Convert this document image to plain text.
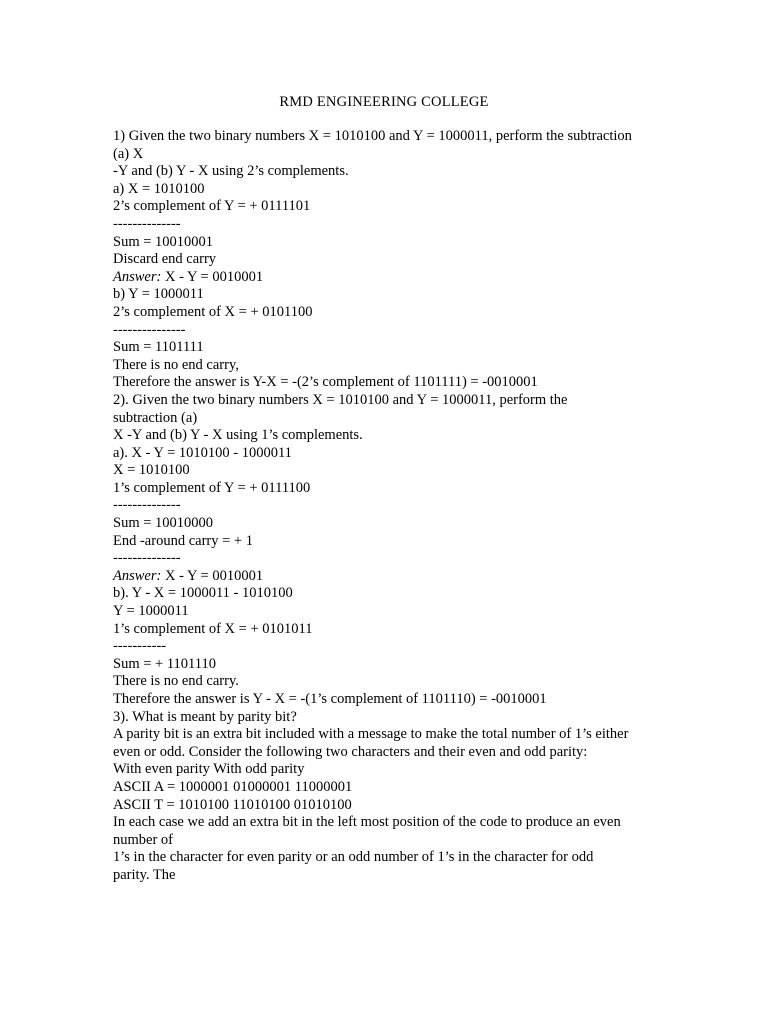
RMD ENGINEERING COLLEGE
1) Given the two binary numbers X = 1010100 and Y = 1000011, perform the subtraction
(a) X
-Y and (b) Y - X using 2’s complements.
a) X = 1010100
2’s complement of Y = + 0111101
--------------
Sum = 10010001
Discard end carry
Answer: X - Y = 0010001
b) Y = 1000011
2’s complement of X = + 0101100
---------------
Sum = 1101111
There is no end carry,
Therefore the answer is Y-X = -(2’s complement of 1101111) = -0010001
2). Given the two binary numbers X = 1010100 and Y = 1000011, perform the
subtraction (a)
X -Y and (b) Y - X using 1’s complements.
a). X - Y = 1010100 - 1000011
X = 1010100
1’s complement of Y = + 0111100
--------------
Sum = 10010000
End -around carry = + 1
--------------
Answer: X - Y = 0010001
b). Y - X = 1000011 - 1010100
Y = 1000011
1’s complement of X = + 0101011
-----------
Sum = + 1101110
There is no end carry.
Therefore the answer is Y - X = -(1’s complement of 1101110) = -0010001
3). What is meant by parity bit?
A parity bit is an extra bit included with a message to make the total number of 1’s either
even or odd. Consider the following two characters and their even and odd parity:
With even parity With odd parity
ASCII A = 1000001 01000001 11000001
ASCII T = 1010100 11010100 01010100
In each case we add an extra bit in the left most position of the code to produce an even
number of
1’s in the character for even parity or an odd number of 1’s in the character for odd
parity. The
